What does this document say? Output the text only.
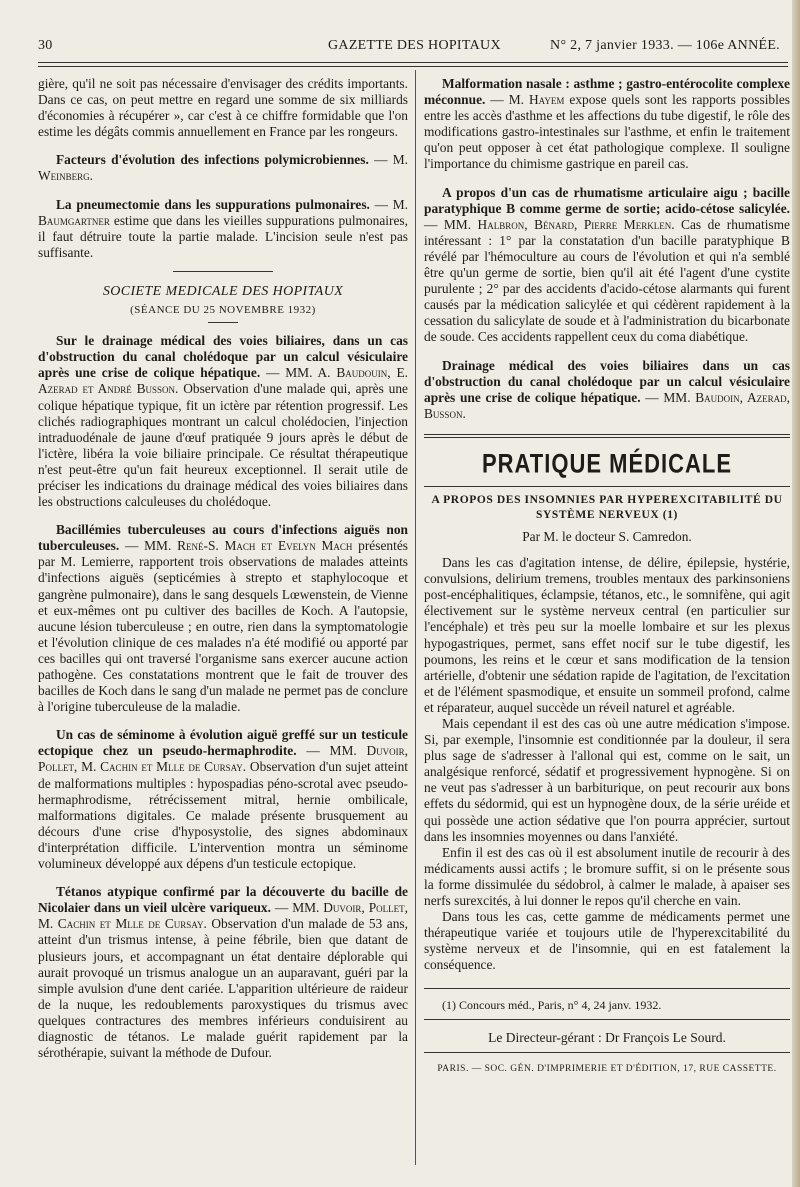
30	GAZETTE DES HOPITAUX	N° 2, 7 janvier 1933. — 106e ANNÉE.

gière, qu'il ne soit pas nécessaire d'envisager des crédits importants. Dans ce cas, on peut mettre en regard une somme de six milliards d'économies à récupérer », car c'est à ce chiffre formidable que l'on estime les dégâts commis annuellement en France par les rongeurs.

Facteurs d'évolution des infections polymicrobiennes. — M. Weinberg.

La pneumectomie dans les suppurations pulmonaires. — M. Baumgartner estime que dans les vieilles suppurations pulmonaires, il faut détruire toute la partie malade. L'incision seule n'est pas suffisante.

SOCIETE MEDICALE DES HOPITAUX

(SÉANCE DU 25 NOVEMBRE 1932)

Sur le drainage médical des voies biliaires, dans un cas d'obstruction du canal cholédoque par un calcul vésiculaire après une crise de colique hépatique. — MM. A. Baudouin, E. Azerad et André Busson. Observation d'une malade qui, après une colique hépatique typique, fit un ictère par rétention progressif. Les clichés radiographiques montrant un calcul cholédocien, l'injection intraduodénale de jaune d'œuf pratiquée 9 jours après le début de l'ictère, libéra la voie biliaire principale. Ce résultat thérapeutique n'est peut-être qu'un fait heureux exceptionnel. Il serait utile de préciser les indications du drainage médical des voies biliaires dans les obstructions calculeuses du cholédoque.

Bacillémies tuberculeuses au cours d'infections aiguës non tuberculeuses. — MM. René-S. Mach et Evelyn Mach présentés par M. Lemierre, rapportent trois observations de malades atteints d'infections aiguës (septicémies à strepto et staphylocoque et gangrène pulmonaire), dans le sang desquels Lœwenstein, de Vienne et eux-mêmes ont pu cultiver des bacilles de Koch. A l'autopsie, aucune lésion tuberculeuse ; en outre, rien dans la symptomatologie et l'évolution clinique de ces malades n'a été modifié ou apporté par ces bacilles qui ont traversé l'organisme sans exercer aucune action pathogène. Ces constatations montrent que le fait de trouver des bacilles de Koch dans le sang d'un malade ne permet pas de conclure à l'origine tuberculeuse de la maladie.

Un cas de séminome à évolution aiguë greffé sur un testicule ectopique chez un pseudo-hermaphrodite. — MM. Duvoir, Pollet, M. Cachin et Mlle de Cursay. Observation d'un sujet atteint de malformations multiples : hypospadias péno-scrotal avec pseudo-hermaphrodisme, rétrécissement mitral, hernie ombilicale, malformations digitales. Ce malade présente brusquement au décours d'une crise d'hyposystolie, des signes abdominaux d'interprétation difficile. L'intervention montra un séminome volumineux développé aux dépens d'un testicule ectopique.

Tétanos atypique confirmé par la découverte du bacille de Nicolaier dans un vieil ulcère variqueux. — MM. Duvoir, Pollet, M. Cachin et Mlle de Cursay. Observation d'un malade de 53 ans, atteint d'un trismus intense, à peine fébrile, bien que datant de plusieurs jours, et accompagnant un état dentaire déplorable qui aurait provoqué un trismus analogue un an auparavant, guéri par la simple avulsion d'une dent cariée. L'apparition ultérieure de raideur de la nuque, les redoublements paroxystiques du trismus avec quelques contractures des membres inférieurs conduisirent au diagnostic de tétanos. Le malade guérit rapidement par la sérothérapie, suivant la méthode de Dufour.

Malformation nasale : asthme ; gastro-entérocolite complexe méconnue. — M. Hayem expose quels sont les rapports possibles entre les accès d'asthme et les affections du tube digestif, le rôle des modifications gastro-intestinales sur l'asthme, et enfin le traitement qu'on peut opposer à cet état pathologique complexe. Il souligne l'importance du chimisme gastrique en pareil cas.

A propos d'un cas de rhumatisme articulaire aigu ; bacille paratyphique B comme germe de sortie; acido-cétose salicylée. — MM. Halbron, Bénard, Pierre Merklen. Cas de rhumatisme intéressant : 1° par la constatation d'un bacille paratyphique B révélé par l'hémoculture au cours de l'évolution et qui n'a semblé être qu'un germe de sortie, bien qu'il ait été l'agent d'une cystite purulente ; 2° par des accidents d'acido-cétose alarmants qui furent causés par la médication salicylée et qui cédèrent rapidement à la cessation du salicylate de soude et à l'administration du bicarbonate de soude. Ces accidents rappellent ceux du coma diabétique.

Drainage médical des voies biliaires dans un cas d'obstruction du canal cholédoque par un calcul vésiculaire après une crise de colique hépatique. — MM. Baudoin, Azerad, Busson.

PRATIQUE MÉDICALE

A PROPOS DES INSOMNIES PAR HYPEREXCITABILITÉ DU SYSTÈME NERVEUX (1)

Par M. le docteur S. Camredon.

Dans les cas d'agitation intense, de délire, épilepsie, hystérie, convulsions, delirium tremens, troubles mentaux des parkinsoniens post-encéphalitiques, éclampsie, tétanos, etc., le somnifène, qui agit électivement sur le système nerveux central (en particulier sur l'encéphale) et très peu sur la moelle lombaire et sur les plexus hypogastriques, permet, sans effet nocif sur le tube digestif, les poumons, les reins et le cœur et sans modification de la tension artérielle, d'obtenir une sédation rapide de l'agitation, de l'excitation et de l'élément spasmodique, et ensuite un sommeil profond, calme et réparateur, auquel succède un réveil naturel et agréable.

Mais cependant il est des cas où une autre médication s'impose. Si, par exemple, l'insomnie est conditionnée par la douleur, il sera plus sage de s'adresser à l'allonal qui est, comme on le sait, un analgésique renforcé, sédatif et progressivement hypnogène. Si on ne veut pas s'adresser à un barbiturique, on peut recourir aux bons effets du sédormid, qui est un hypnogène doux, de la série uréide et qui possède une action sédative que l'on pourra apprécier, surtout dans les insomnies moyennes ou dans l'anxiété.

Enfin il est des cas où il est absolument inutile de recourir à des médicaments aussi actifs ; le bromure suffit, si on le présente sous la forme dissimulée du sédobrol, à calmer le malade, à apaiser ses nerfs surexcités, à lui donner le repos qu'il cherche en vain.

Dans tous les cas, cette gamme de médicaments permet une thérapeutique variée et toujours utile de l'hyperexcitabilité du système nerveux et de l'insomnie, qui en est fatalement la conséquence.

(1) Concours méd., Paris, n° 4, 24 janv. 1932.

Le Directeur-gérant : Dr François Le Sourd.

PARIS. — SOC. GÉN. D'IMPRIMERIE ET D'ÉDITION, 17, RUE CASSETTE.
